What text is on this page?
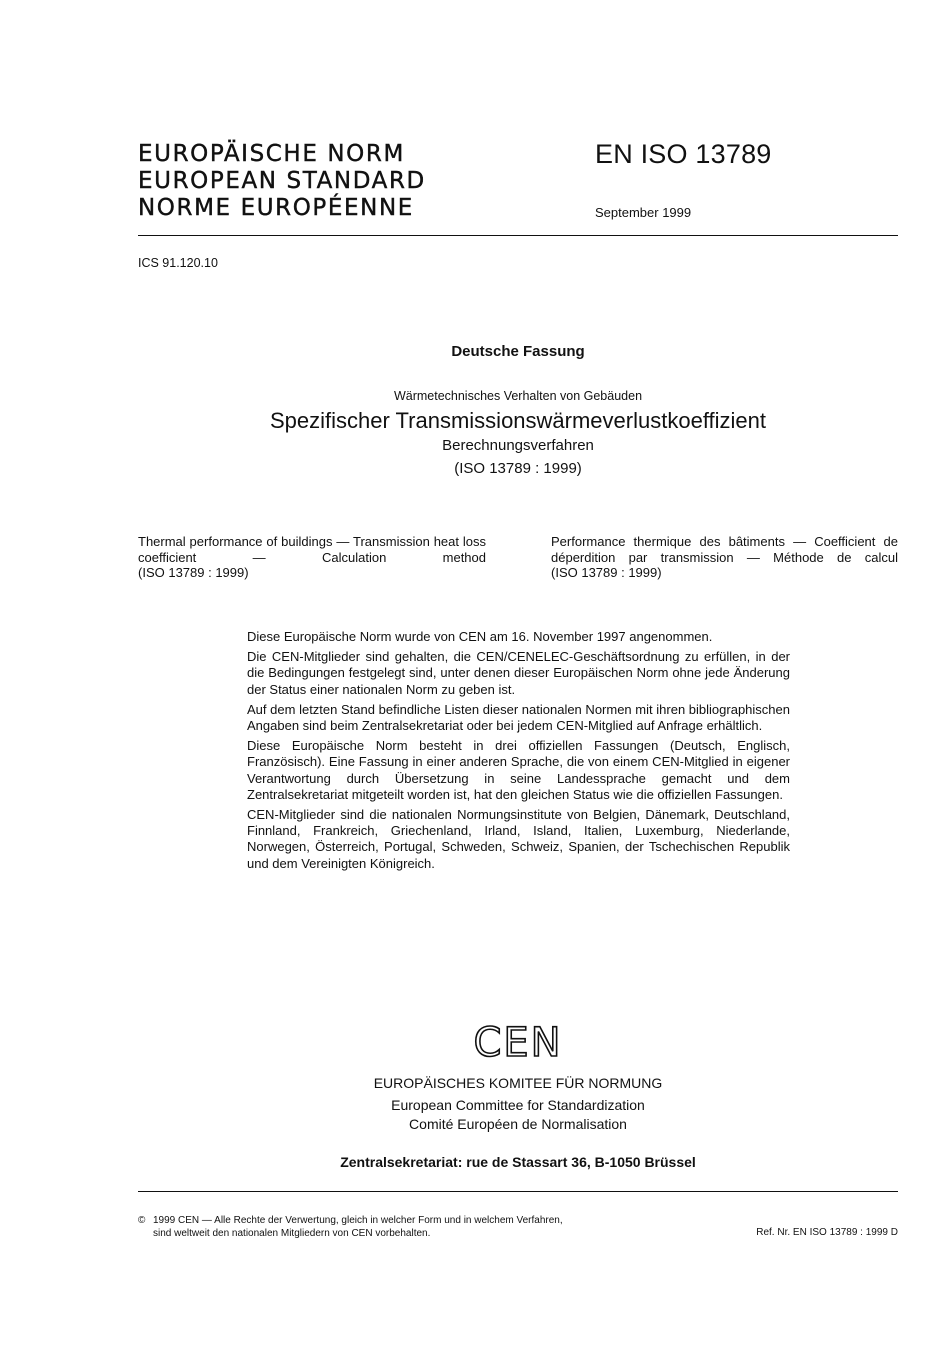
EUROPÄISCHE NORM
EUROPEAN STANDARD
NORME EUROPÉENNE
EN ISO 13789
September 1999
ICS 91.120.10
Deutsche Fassung
Wärmetechnisches Verhalten von Gebäuden
Spezifischer Transmissionswärmeverlustkoeffizient
Berechnungsverfahren
(ISO 13789 : 1999)
Thermal performance of buildings — Transmission heat loss coefficient — Calculation method
(ISO 13789 : 1999)
Performance thermique des bâtiments — Coefficient de déperdition par transmission — Méthode de calcul
(ISO 13789 : 1999)

Diese Europäische Norm wurde von CEN am 16. November 1997 angenommen.

Die CEN-Mitglieder sind gehalten, die CEN/CENELEC-Geschäftsordnung zu erfüllen, in der die Bedingungen festgelegt sind, unter denen dieser Europäischen Norm ohne jede Änderung der Status einer nationalen Norm zu geben ist.

Auf dem letzten Stand befindliche Listen dieser nationalen Normen mit ihren bibliographischen Angaben sind beim Zentralsekretariat oder bei jedem CEN-Mitglied auf Anfrage erhältlich.

Diese Europäische Norm besteht in drei offiziellen Fassungen (Deutsch, Englisch, Französisch). Eine Fassung in einer anderen Sprache, die von einem CEN-Mitglied in eigener Verantwortung durch Übersetzung in seine Landessprache gemacht und dem Zentralsekretariat mitgeteilt worden ist, hat den gleichen Status wie die offiziellen Fassungen.

CEN-Mitglieder sind die nationalen Normungsinstitute von Belgien, Dänemark, Deutschland, Finnland, Frankreich, Griechenland, Irland, Island, Italien, Luxemburg, Niederlande, Norwegen, Österreich, Portugal, Schweden, Schweiz, Spanien, der Tschechischen Republik und dem Vereinigten Königreich.

CEN
EUROPÄISCHES KOMITEE FÜR NORMUNG
European Committee for Standardization
Comité Européen de Normalisation
Zentralsekretariat: rue de Stassart 36, B-1050 Brüssel
© 1999 CEN — Alle Rechte der Verwertung, gleich in welcher Form und in welchem Verfahren,
sind weltweit den nationalen Mitgliedern von CEN vorbehalten.	Ref. Nr. EN ISO 13789 : 1999 D
